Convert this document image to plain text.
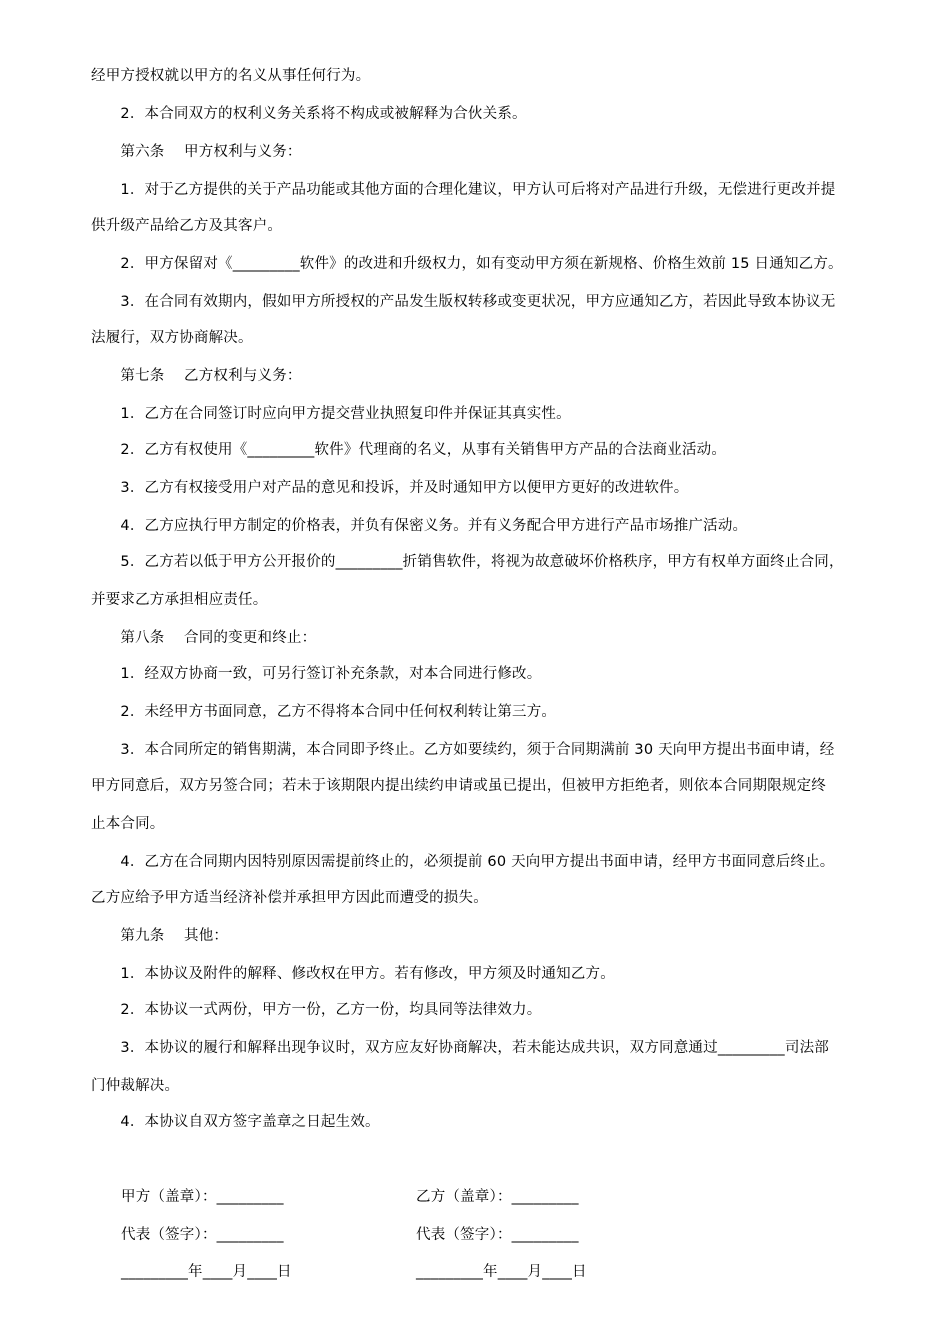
经甲方授权就以甲方的名义从事任何行为。
　　2．本合同双方的权利义务关系将不构成或被解释为合伙关系。
　　第六条　 甲方权利与义务：
　　1．对于乙方提供的关于产品功能或其他方面的合理化建议，甲方认可后将对产品进行升级，无偿进行更改并提
供升级产品给乙方及其客户。
　　2．甲方保留对《_________软件》的改进和升级权力，如有变动甲方须在新规格、价格生效前 15 日通知乙方。
　　3．在合同有效期内，假如甲方所授权的产品发生版权转移或变更状况，甲方应通知乙方，若因此导致本协议无
法履行，双方协商解决。
　　第七条　 乙方权利与义务：
　　1．乙方在合同签订时应向甲方提交营业执照复印件并保证其真实性。
　　2．乙方有权使用《_________软件》代理商的名义，从事有关销售甲方产品的合法商业活动。
　　3．乙方有权接受用户对产品的意见和投诉，并及时通知甲方以便甲方更好的改进软件。
　　4．乙方应执行甲方制定的价格表，并负有保密义务。并有义务配合甲方进行产品市场推广活动。
　　5．乙方若以低于甲方公开报价的_________折销售软件，将视为故意破坏价格秩序，甲方有权单方面终止合同，
并要求乙方承担相应责任。
　　第八条　 合同的变更和终止：
　　1．经双方协商一致，可另行签订补充条款，对本合同进行修改。
　　2．未经甲方书面同意，乙方不得将本合同中任何权利转让第三方。
　　3．本合同所定的销售期满，本合同即予终止。乙方如要续约，须于合同期满前 30 天向甲方提出书面申请，经
甲方同意后，双方另签合同；若未于该期限内提出续约申请或虽已提出，但被甲方拒绝者，则依本合同期限规定终
止本合同。
　　4．乙方在合同期内因特别原因需提前终止的，必须提前 60 天向甲方提出书面申请，经甲方书面同意后终止。
乙方应给予甲方适当经济补偿并承担甲方因此而遭受的损失。
　　第九条　 其他：
　　1．本协议及附件的解释、修改权在甲方。若有修改，甲方须及时通知乙方。
　　2．本协议一式两份，甲方一份，乙方一份，均具同等法律效力。
　　3．本协议的履行和解释出现争议时，双方应友好协商解决，若未能达成共识，双方同意通过_________司法部
门仲裁解决。
　　4．本协议自双方签字盖章之日起生效。
甲方（盖章）：_________	乙方（盖章）：_________
代表（签字）：_________	代表（签字）：_________
_________年____月____日	_________年____月____日
